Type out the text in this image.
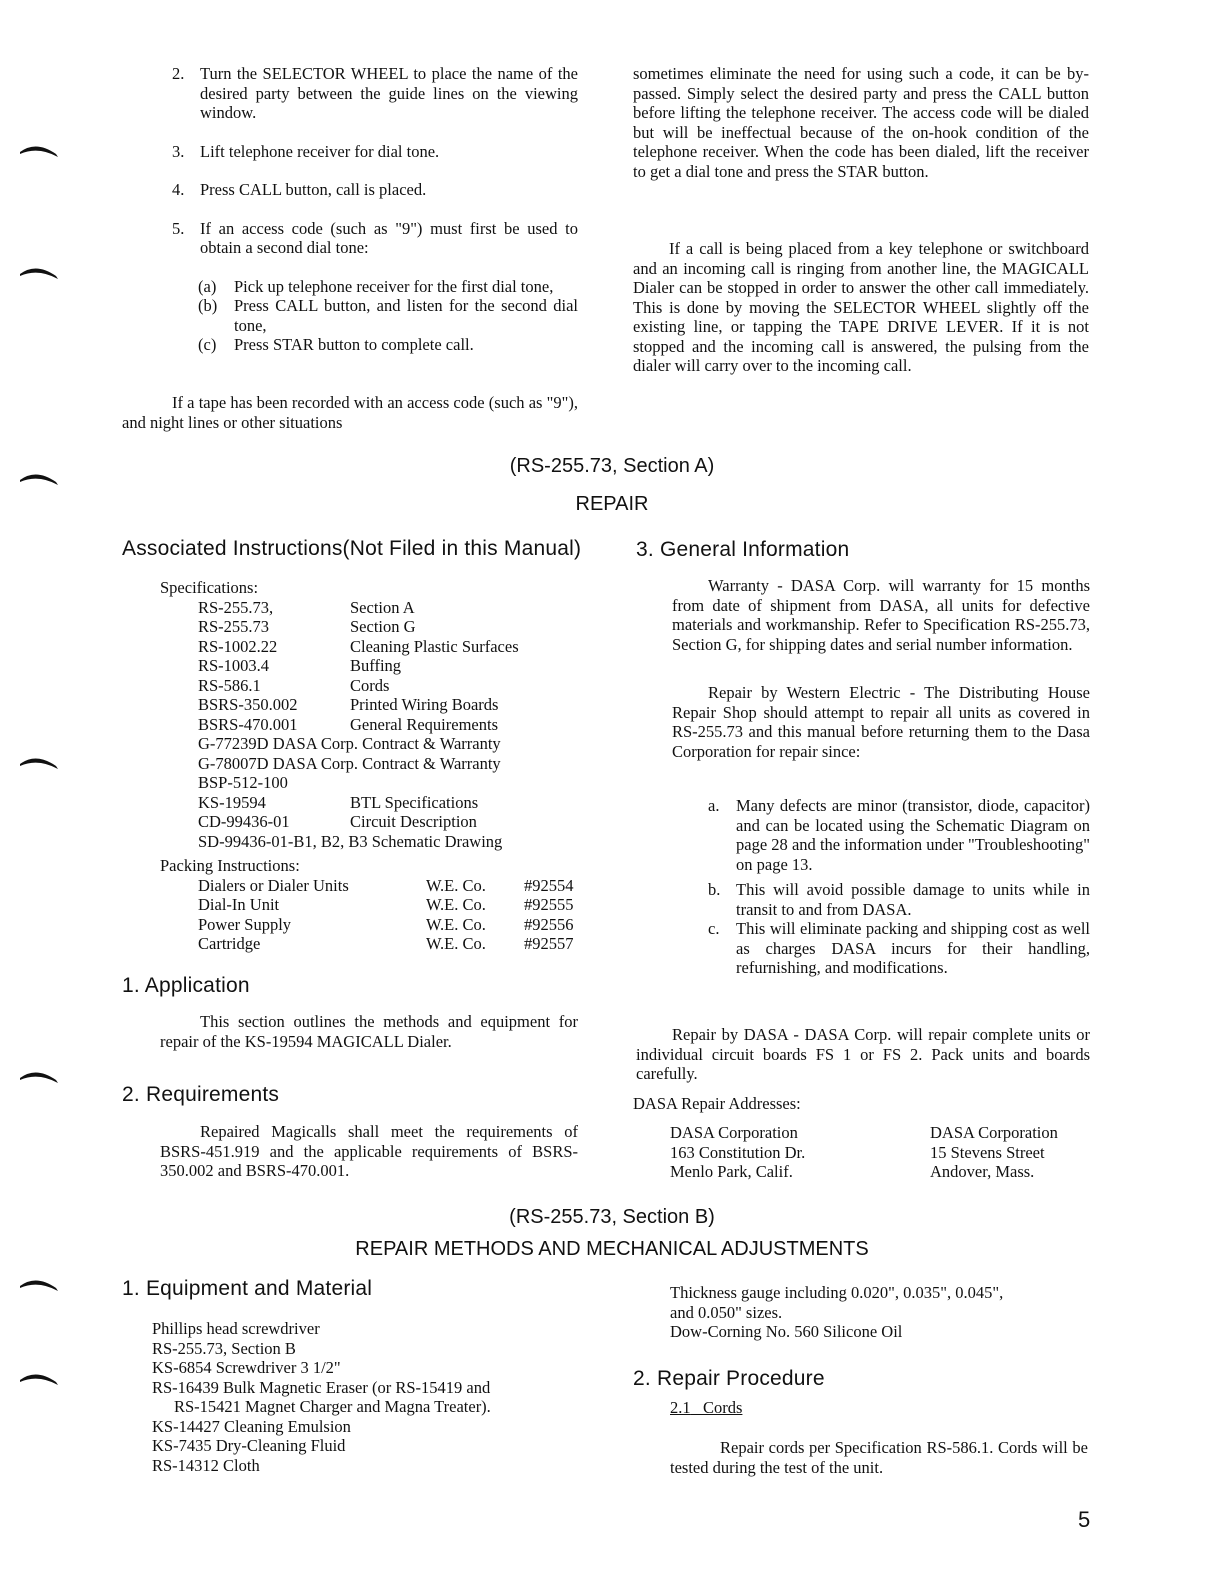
2. Turn the SELECTOR WHEEL to place the name of the desired party between the guide lines on the viewing window.
3. Lift telephone receiver for dial tone.
4. Press CALL button, call is placed.
5. If an access code (such as "9") must first be used to obtain a second dial tone:
(a)	Pick up telephone receiver for the first dial tone,
(b)	Press CALL button, and listen for the second dial tone,
(c)	Press STAR button to complete call.

If a tape has been recorded with an access code (such as "9"), and night lines or other situations

sometimes eliminate the need for using such a code, it can be by-passed. Simply select the desired party and press the CALL button before lifting the telephone receiver. The access code will be dialed but will be ineffectual because of the on-hook condition of the telephone receiver. When the code has been dialed, lift the receiver to get a dial tone and press the STAR button.

If a call is being placed from a key telephone or switchboard and an incoming call is ringing from another line, the MAGICALL Dialer can be stopped in order to answer the other call immediately. This is done by moving the SELECTOR WHEEL slightly off the existing line, or tapping the TAPE DRIVE LEVER. If it is not stopped and the incoming call is answered, the pulsing from the dialer will carry over to the incoming call.

(RS-255.73, Section A)
REPAIR
Associated Instructions(Not Filed in this Manual)
Specifications:
RS-255.73,	Section A
RS-255.73	Section G
RS-1002.22	Cleaning Plastic Surfaces
RS-1003.4	Buffing
RS-586.1	Cords
BSRS-350.002	Printed Wiring Boards
BSRS-470.001	General Requirements
G-77239D DASA Corp. Contract & Warranty	
G-78007D DASA Corp. Contract & Warranty	
BSP-512-100	
KS-19594	BTL Specifications
CD-99436-01	Circuit Description
SD-99436-01-B1, B2, B3 Schematic Drawing	
Packing Instructions:
Dialers or Dialer Units	W.E. Co.	#92554
Dial-In Unit	W.E. Co.	#92555
Power Supply	W.E. Co.	#92556
Cartridge	W.E. Co.	#92557
1. Application

This section outlines the methods and equipment for repair of the KS-19594 MAGICALL Dialer.

2. Requirements

Repaired Magicalls shall meet the requirements of BSRS-451.919 and the applicable requirements of BSRS-350.002 and BSRS-470.001.

3. General Information

Warranty - DASA Corp. will warranty for 15 months from date of shipment from DASA, all units for defective materials and workmanship. Refer to Specification RS-255.73, Section G, for shipping dates and serial number information.

Repair by Western Electric - The Distributing House Repair Shop should attempt to repair all units as covered in RS-255.73 and this manual before returning them to the Dasa Corporation for repair since:

a.	Many defects are minor (transistor, diode, capacitor) and can be located using the Schematic Diagram on page 28 and the information under "Troubleshooting" on page 13.
b. This will avoid possible damage to units while in transit to and from DASA.
c.	This will eliminate packing and shipping cost as well as charges DASA incurs for their handling, refurnishing, and modifications.

Repair by DASA - DASA Corp. will repair complete units or individual circuit boards FS 1 or FS 2. Pack units and boards carefully.

DASA Repair Addresses:
DASA Corporation
163 Constitution Dr.
Menlo Park, Calif.
DASA Corporation
15 Stevens Street
Andover, Mass.
(RS-255.73, Section B)
REPAIR METHODS AND MECHANICAL ADJUSTMENTS
1. Equipment and Material
Phillips head screwdriver
RS-255.73, Section B
KS-6854 Screwdriver 3 1/2"
RS-16439 Bulk Magnetic Eraser (or RS-15419 and
RS-15421 Magnet Charger and Magna Treater).
KS-14427 Cleaning Emulsion
KS-7435 Dry-Cleaning Fluid
RS-14312 Cloth
Thickness gauge including 0.020", 0.035", 0.045",
and 0.050" sizes.
Dow-Corning No. 560 Silicone Oil
2. Repair Procedure
2.1 Cords

Repair cords per Specification RS-586.1. Cords will be tested during the test of the unit.

5
